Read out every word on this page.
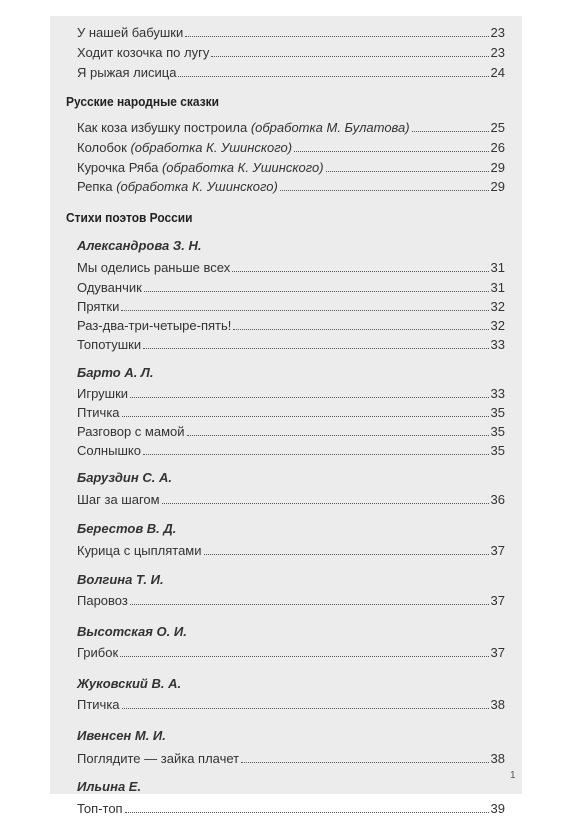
У нашей бабушки	23
Ходит козочка по лугу	23
Я рыжая лисица	24
Русские народные сказки
Как коза избушку построила (обработка М. Булатова)	25
Колобок (обработка К. Ушинского)	26
Курочка Ряба (обработка К. Ушинского)	29
Репка (обработка К. Ушинского)	29
Стихи поэтов России
Александрова З. Н.
Мы оделись раньше всех	31
Одуванчик	31
Прятки	32
Раз-два-три-четыре-пять!	32
Топотушки	33
Барто А. Л.
Игрушки	33
Птичка	35
Разговор с мамой	35
Солнышко	35
Баруздин С. А.
Шаг за шагом	36
Берестов В. Д.
Курица с цыплятами	37
Волгина Т. И.
Паровоз	37
Высотская О. И.
Грибок	37
Жуковский В. А.
Птичка	38
Ивенсен М. И.
Поглядите — зайка плачет	38
Ильина Е.
Топ-топ	39
1
